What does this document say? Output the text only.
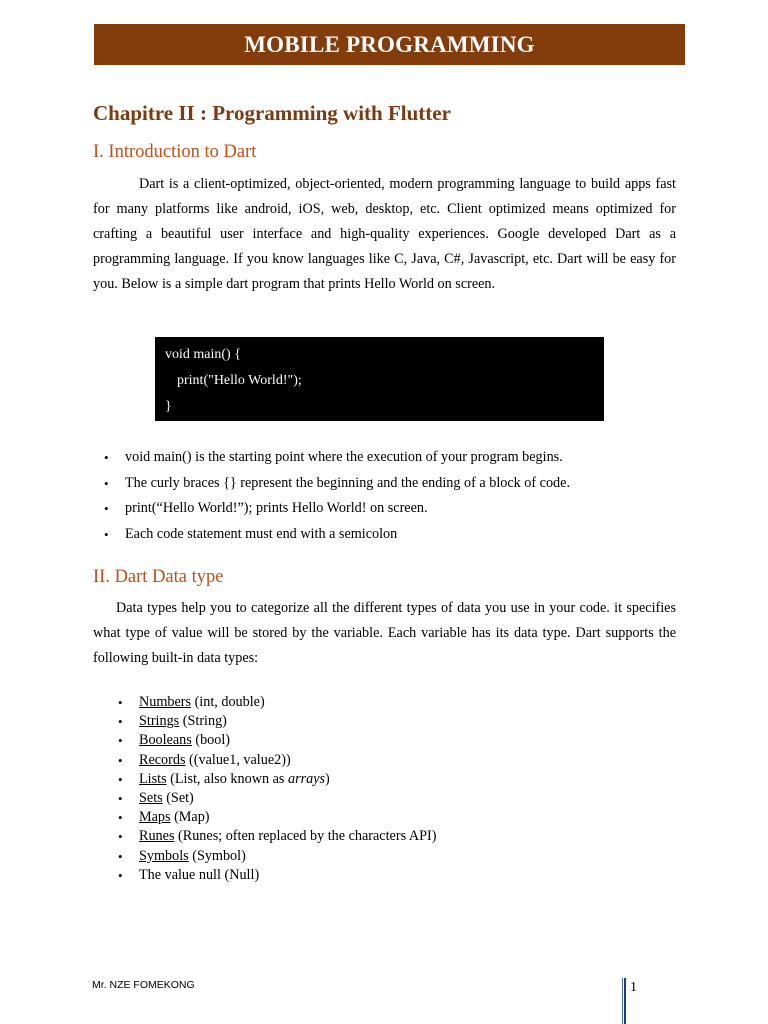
MOBILE PROGRAMMING
Chapitre II : Programming with Flutter
I. Introduction to Dart

Dart is a client-optimized, object-oriented, modern programming language to build apps fast for many platforms like android, iOS, web, desktop, etc. Client optimized means optimized for crafting a beautiful user interface and high-quality experiences. Google developed Dart as a programming language. If you know languages like C, Java, C#, Javascript, etc. Dart will be easy for you. Below is a simple dart program that prints Hello World on screen.

void main() {
print("Hello World!");
}
• void main() is the starting point where the execution of your program begins.
• The curly braces {} represent the beginning and the ending of a block of code.
• print(“Hello World!”); prints Hello World! on screen.
• Each code statement must end with a semicolon
II. Dart Data type

Data types help you to categorize all the different types of data you use in your code. it specifies what type of value will be stored by the variable. Each variable has its data type. Dart supports the following built-in data types:

• Numbers (int, double)
• Strings (String)
• Booleans (bool)
• Records ((value1, value2))
• Lists (List, also known as arrays)
• Sets (Set)
• Maps (Map)
• Runes (Runes; often replaced by the characters API)
• Symbols (Symbol)
• The value null (Null)
Mr. NZE FOMEKONG	1
